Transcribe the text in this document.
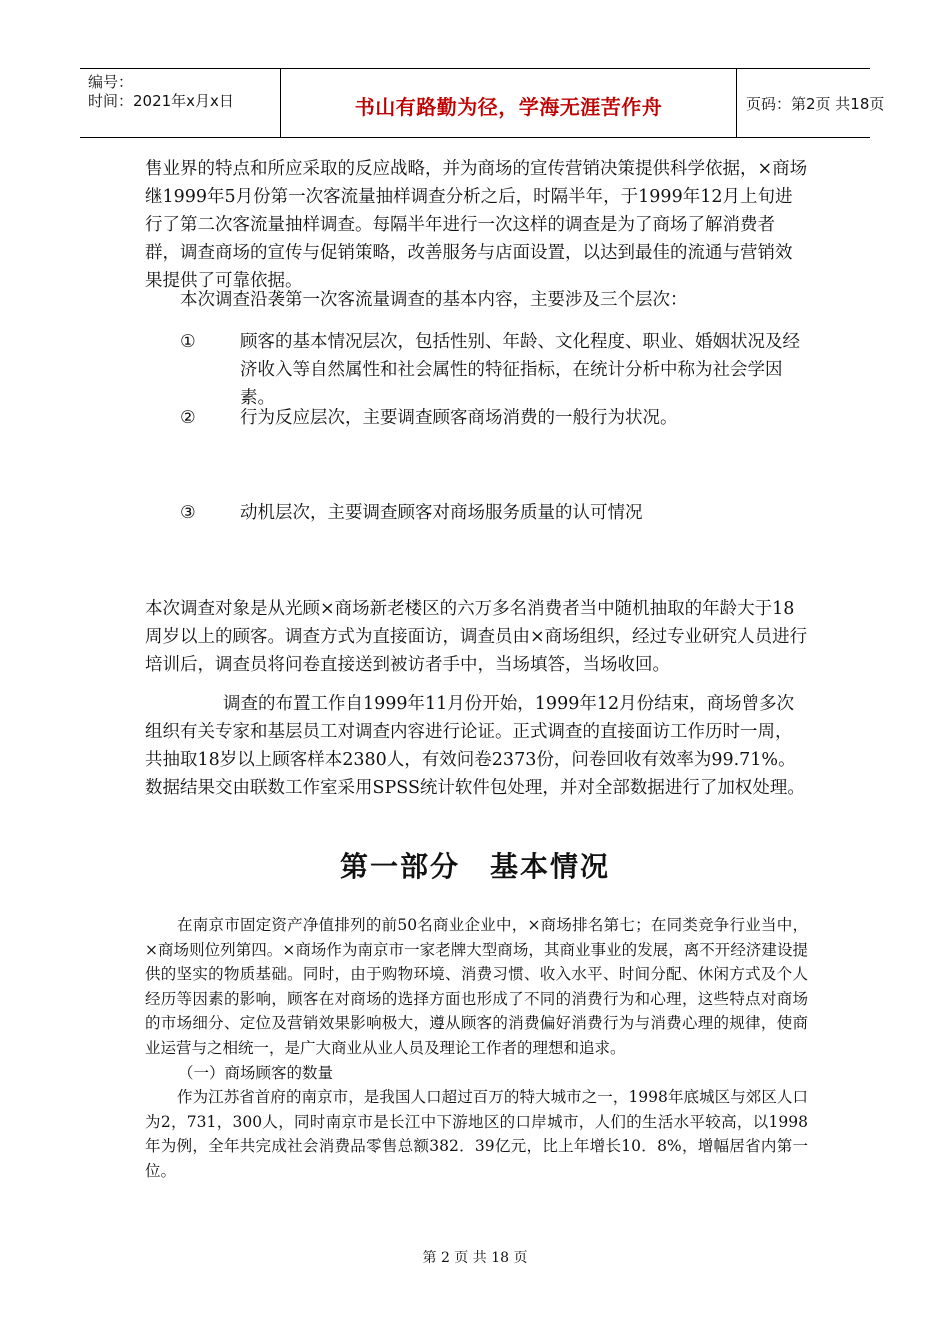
编号：
时间：2021年x月x日	书山有路勤为径，学海无涯苦作舟	页码：第2页 共18页

售业界的特点和所应采取的反应战略，并为商场的宣传营销决策提供科学依据，×商场继1999年5月份第一次客流量抽样调查分析之后，时隔半年，于1999年12月上旬进行了第二次客流量抽样调查。每隔半年进行一次这样的调查是为了商场了解消费者群，调查商场的宣传与促销策略，改善服务与店面设置，以达到最佳的流通与营销效果提供了可靠依据。

本次调查沿袭第一次客流量调查的基本内容，主要涉及三个层次：

①	顾客的基本情况层次，包括性别、年龄、文化程度、职业、婚姻状况及经济收入等自然属性和社会属性的特征指标，在统计分析中称为社会学因素。
②	行为反应层次，主要调查顾客商场消费的一般行为状况。
③	动机层次，主要调查顾客对商场服务质量的认可情况

本次调查对象是从光顾×商场新老楼区的六万多名消费者当中随机抽取的年龄大于18周岁以上的顾客。调查方式为直接面访，调查员由×商场组织，经过专业研究人员进行培训后，调查员将问卷直接送到被访者手中，当场填答，当场收回。

调查的布置工作自1999年11月份开始，1999年12月份结束，商场曾多次组织有关专家和基层员工对调查内容进行论证。正式调查的直接面访工作历时一周，共抽取18岁以上顾客样本2380人，有效问卷2373份，问卷回收有效率为99.71%。数据结果交由联数工作室采用SPSS统计软件包处理，并对全部数据进行了加权处理。

第一部分　基本情况

在南京市固定资产净值排列的前50名商业企业中，×商场排名第七；在同类竞争行业当中，×商场则位列第四。×商场作为南京市一家老牌大型商场，其商业事业的发展，离不开经济建设提供的坚实的物质基础。同时，由于购物环境、消费习惯、收入水平、时间分配、休闲方式及个人经历等因素的影响，顾客在对商场的选择方面也形成了不同的消费行为和心理，这些特点对商场的市场细分、定位及营销效果影响极大，遵从顾客的消费偏好消费行为与消费心理的规律，使商业运营与之相统一，是广大商业从业人员及理论工作者的理想和追求。

（一）商场顾客的数量

作为江苏省首府的南京市，是我国人口超过百万的特大城市之一，1998年底城区与郊区人口为2，731，300人，同时南京市是长江中下游地区的口岸城市，人们的生活水平较高，以1998年为例，全年共完成社会消费品零售总额382．39亿元，比上年增长10．8%，增幅居省内第一位。

第 2 页 共 18 页
